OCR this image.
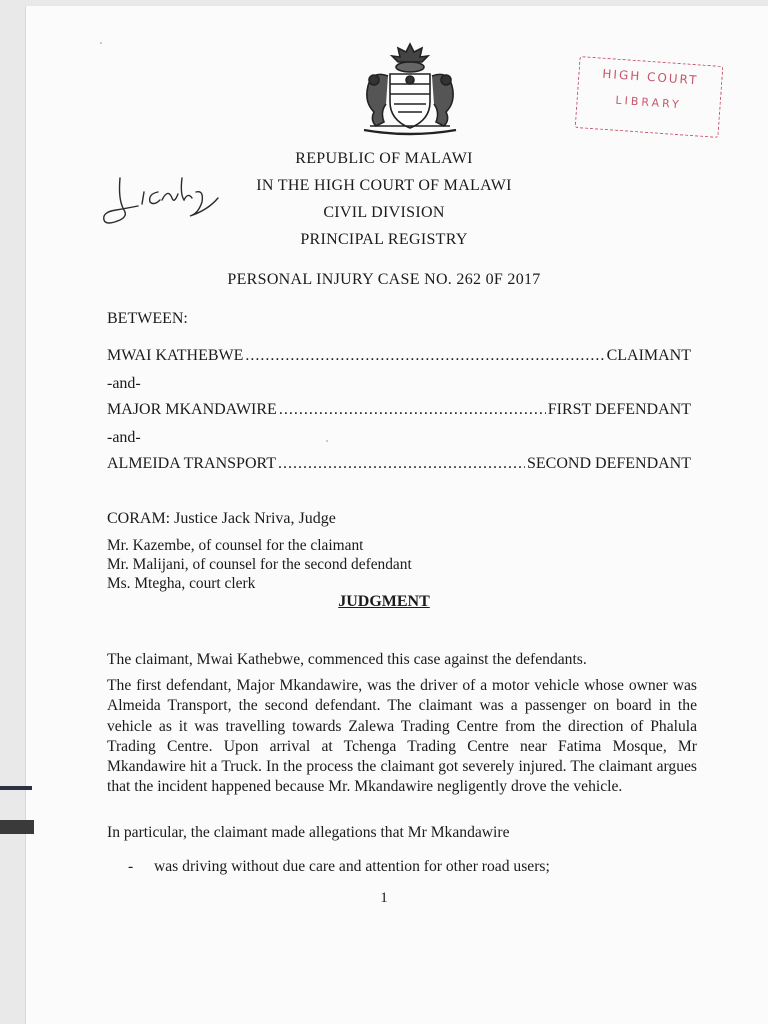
HIGH COURT
LIBRARY
REPUBLIC OF MALAWI
IN THE HIGH COURT OF MALAWI
CIVIL DIVISION
PRINCIPAL REGISTRY
PERSONAL INJURY CASE NO. 262 0F 2017
BETWEEN:
MWAI KATHEBWE .....	CLAIMANT
-and-
MAJOR MKANDAWIRE .....	FIRST DEFENDANT
-and-
ALMEIDA TRANSPORT .....	SECOND DEFENDANT
CORAM: Justice Jack Nriva, Judge
Mr. Kazembe, of counsel for the claimant
Mr. Malijani, of counsel for the second defendant
Ms. Mtegha, court clerk
JUDGMENT
The claimant, Mwai Kathebwe, commenced this case against the defendants.
The first defendant, Major Mkandawire, was the driver of a motor vehicle whose owner was Almeida Transport, the second defendant. The claimant was a passenger on board in the vehicle as it was travelling towards Zalewa Trading Centre from the direction of Phalula Trading Centre. Upon arrival at Tchenga Trading Centre near Fatima Mosque, Mr Mkandawire hit a Truck. In the process the claimant got severely injured. The claimant argues that the incident happened because Mr. Mkandawire negligently drove the vehicle.
In particular, the claimant made allegations that Mr Mkandawire
- was driving without due care and attention for other road users;
1
